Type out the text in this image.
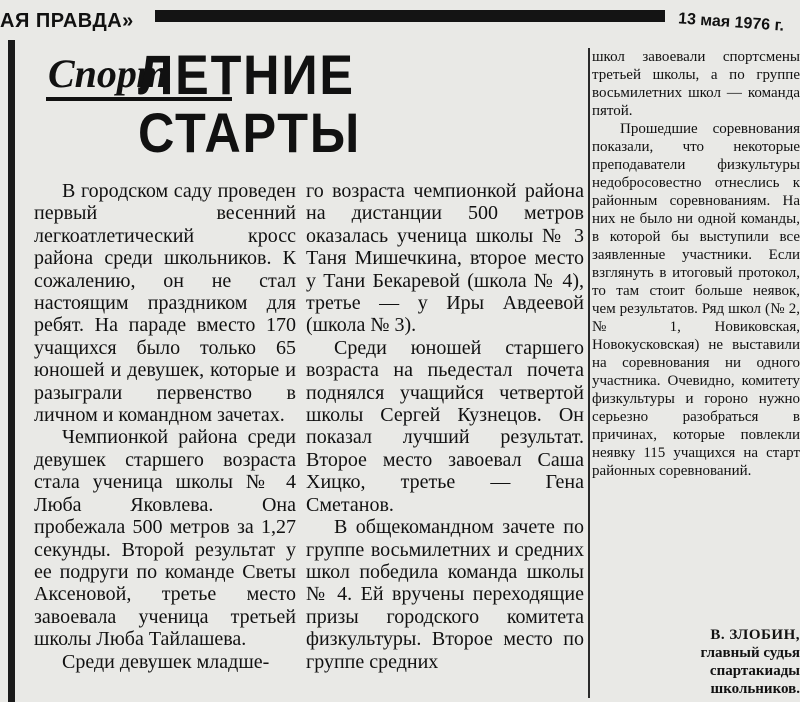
АЯ ПРАВДА»	13 мая 1976 г.
Спорт
ЛЕТНИЕ СТАРТЫ

В городском саду проведен первый весенний легкоатлетический кросс района среди школьников. К сожалению, он не стал настоящим праздником для ребят. На параде вместо 170 учащихся было только 65 юношей и девушек, которые и разыграли первенство в личном и командном зачетах.

Чемпионкой района среди девушек старшего возраста стала ученица школы № 4 Люба Яковлева. Она пробежала 500 метров за 1,27 секунды. Второй результат у ее подруги по команде Светы Аксеновой, третье место завоевала ученица третьей школы Люба Тайлашева.

Среди девушек младше-

го возраста чемпионкой района на дистанции 500 метров оказалась ученица школы № 3 Таня Мишечкина, второе место у Тани Бекаревой (школа № 4), третье — у Иры Авдеевой (школа № 3).

Среди юношей старшего возраста на пьедестал почета поднялся учащийся четвертой школы Сергей Кузнецов. Он показал лучший результат. Второе место завоевал Саша Хицко, третье — Гена Сметанов.

В общекомандном зачете по группе восьмилетних и средних школ победила команда школы № 4. Ей вручены переходящие призы городского комитета физкультуры. Второе место по группе средних

школ завоевали спортсмены третьей школы, а по группе восьмилетних школ — команда пятой.

Прошедшие соревнования показали, что некоторые преподаватели физкультуры недобросовестно отнеслись к районным соревнованиям. На них не было ни одной команды, в которой бы выступили все заявленные участники. Если взглянуть в итоговый протокол, то там стоит больше неявок, чем результатов. Ряд школ (№ 2, № 1, Новиковская, Новокусковская) не выставили на соревнования ни одного участника. Очевидно, комитету физкультуры и гороно нужно серьезно разобраться в причинах, которые повлекли неявку 115 учащихся на старт районных соревнований.

В. ЗЛОБИН,
главный судья спартакиады школьников.
